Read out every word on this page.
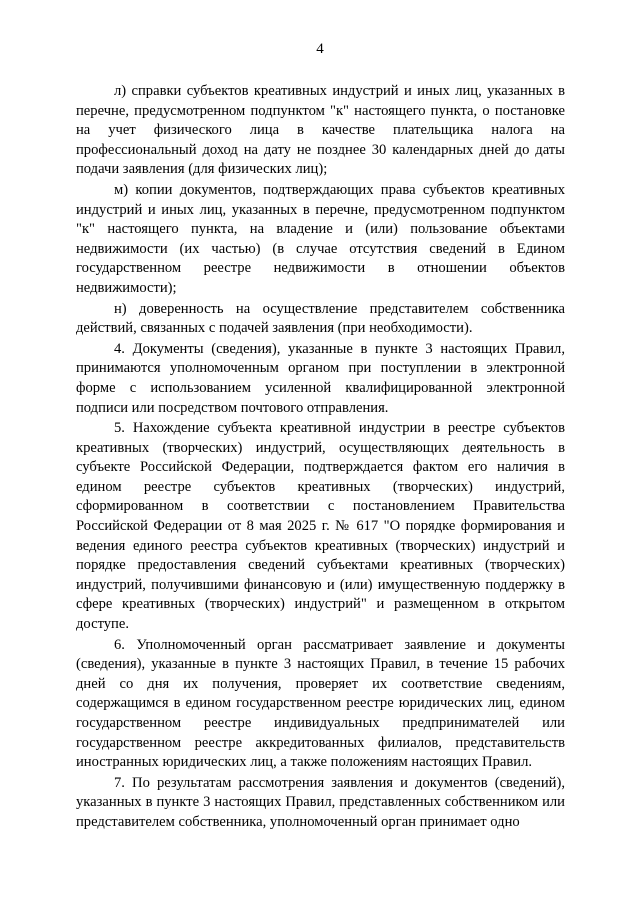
4

л) справки субъектов креативных индустрий и иных лиц, указанных в перечне, предусмотренном подпунктом "к" настоящего пункта, о постановке на учет физического лица в качестве плательщика налога на профессиональный доход на дату не позднее 30 календарных дней до даты подачи заявления (для физических лиц);

м) копии документов, подтверждающих права субъектов креативных индустрий и иных лиц, указанных в перечне, предусмотренном подпунктом "к" настоящего пункта, на владение и (или) пользование объектами недвижимости (их частью) (в случае отсутствия сведений в Едином государственном реестре недвижимости в отношении объектов недвижимости);

н) доверенность на осуществление представителем собственника действий, связанных с подачей заявления (при необходимости).

4. Документы (сведения), указанные в пункте 3 настоящих Правил, принимаются уполномоченным органом при поступлении в электронной форме с использованием усиленной квалифицированной электронной подписи или посредством почтового отправления.

5. Нахождение субъекта креативной индустрии в реестре субъектов креативных (творческих) индустрий, осуществляющих деятельность в субъекте Российской Федерации, подтверждается фактом его наличия в едином реестре субъектов креативных (творческих) индустрий, сформированном в соответствии с постановлением Правительства Российской Федерации от 8 мая 2025 г. № 617 "О порядке формирования и ведения единого реестра субъектов креативных (творческих) индустрий и порядке предоставления сведений субъектами креативных (творческих) индустрий, получившими финансовую и (или) имущественную поддержку в сфере креативных (творческих) индустрий" и размещенном в открытом доступе.

6. Уполномоченный орган рассматривает заявление и документы (сведения), указанные в пункте 3 настоящих Правил, в течение 15 рабочих дней со дня их получения, проверяет их соответствие сведениям, содержащимся в едином государственном реестре юридических лиц, едином государственном реестре индивидуальных предпринимателей или государственном реестре аккредитованных филиалов, представительств иностранных юридических лиц, а также положениям настоящих Правил.

7. По результатам рассмотрения заявления и документов (сведений), указанных в пункте 3 настоящих Правил, представленных собственником или представителем собственника, уполномоченный орган принимает одно
